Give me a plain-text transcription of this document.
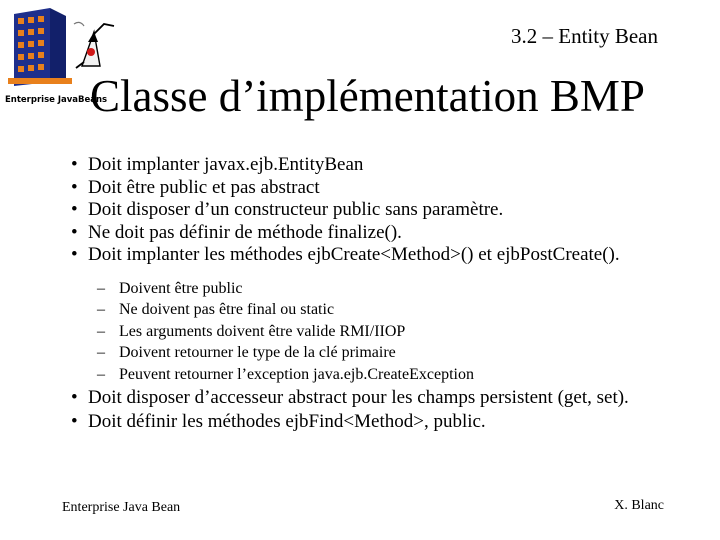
Enterprise JavaBeans
3.2 – Entity Bean
Classe d’implémentation BMP
• Doit implanter javax.ejb.EntityBean
• Doit être public et pas abstract
• Doit disposer d’un constructeur public sans paramètre.
• Ne doit pas définir de méthode finalize().
• Doit implanter les méthodes ejbCreate<Method>() et ejbPostCreate().
– Doivent être public
– Ne doivent pas être final ou static
– Les arguments doivent être valide RMI/IIOP
– Doivent retourner le type de la clé primaire
– Peuvent retourner l’exception java.ejb.CreateException
• Doit disposer d’accesseur abstract pour les champs persistent (get, set).
• Doit définir les méthodes ejbFind<Method>, public.
Enterprise Java Bean	X. Blanc
